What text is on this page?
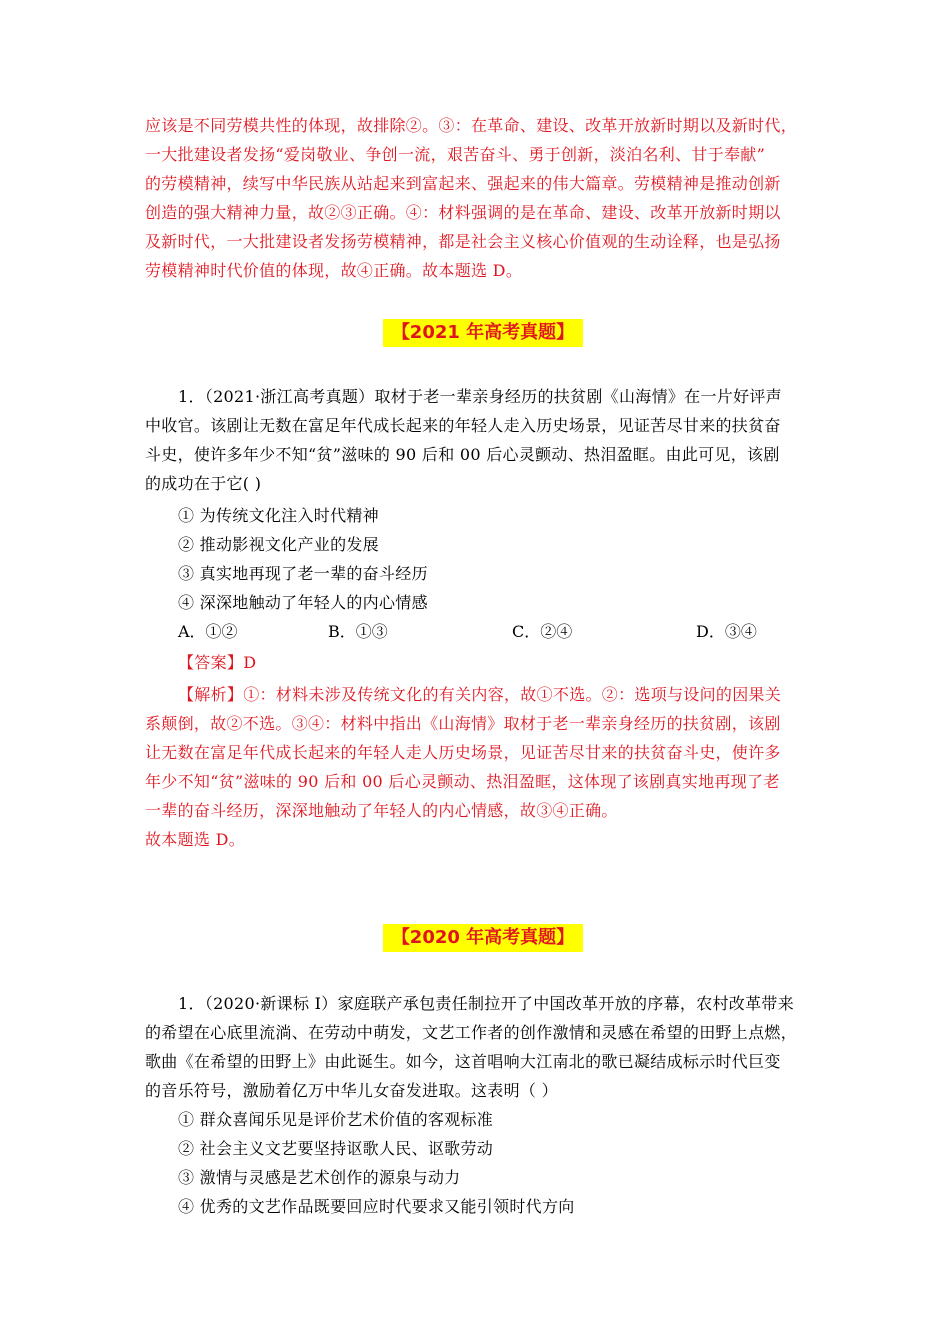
应该是不同劳模共性的体现，故排除②。③：在革命、建设、改革开放新时期以及新时代，
一大批建设者发扬“爱岗敬业、争创一流，艰苦奋斗、勇于创新，淡泊名利、甘于奉献”
的劳模精神，续写中华民族从站起来到富起来、强起来的伟大篇章。劳模精神是推动创新
创造的强大精神力量，故②③正确。④：材料强调的是在革命、建设、改革开放新时期以
及新时代，一大批建设者发扬劳模精神，都是社会主义核心价值观的生动诠释，也是弘扬
劳模精神时代价值的体现，故④正确。故本题选 D。
【2021 年高考真题】
1．（2021·浙江高考真题）取材于老一辈亲身经历的扶贫剧《山海情》在一片好评声
中收官。该剧让无数在富足年代成长起来的年轻人走入历史场景，见证苦尽甘来的扶贫奋
斗史，使许多年少不知“贫”滋味的 90 后和 00 后心灵颤动、热泪盈眶。由此可见，该剧
的成功在于它( )
① 为传统文化注入时代精神
② 推动影视文化产业的发展
③ 真实地再现了老一辈的奋斗经历
④ 深深地触动了年轻人的内心情感
A．①②	B．①③	C．②④	D．③④
【答案】D
【解析】①：材料未涉及传统文化的有关内容，故①不选。②：选项与设问的因果关
系颠倒，故②不选。③④：材料中指出《山海情》取材于老一辈亲身经历的扶贫剧，该剧
让无数在富足年代成长起来的年轻人走人历史场景，见证苦尽甘来的扶贫奋斗史，使许多
年少不知“贫”滋味的 90 后和 00 后心灵颤动、热泪盈眶，这体现了该剧真实地再现了老
一辈的奋斗经历，深深地触动了年轻人的内心情感，故③④正确。
故本题选 D。
【2020 年高考真题】
1．（2020·新课标 I）家庭联产承包责任制拉开了中国改革开放的序幕，农村改革带来
的希望在心底里流淌、在劳动中萌发，文艺工作者的创作激情和灵感在希望的田野上点燃，
歌曲《在希望的田野上》由此诞生。如今，这首唱响大江南北的歌已凝结成标示时代巨变
的音乐符号，激励着亿万中华儿女奋发进取。这表明（ ）
① 群众喜闻乐见是评价艺术价值的客观标准
② 社会主义文艺要坚持讴歌人民、讴歌劳动
③ 激情与灵感是艺术创作的源泉与动力
④ 优秀的文艺作品既要回应时代要求又能引领时代方向
